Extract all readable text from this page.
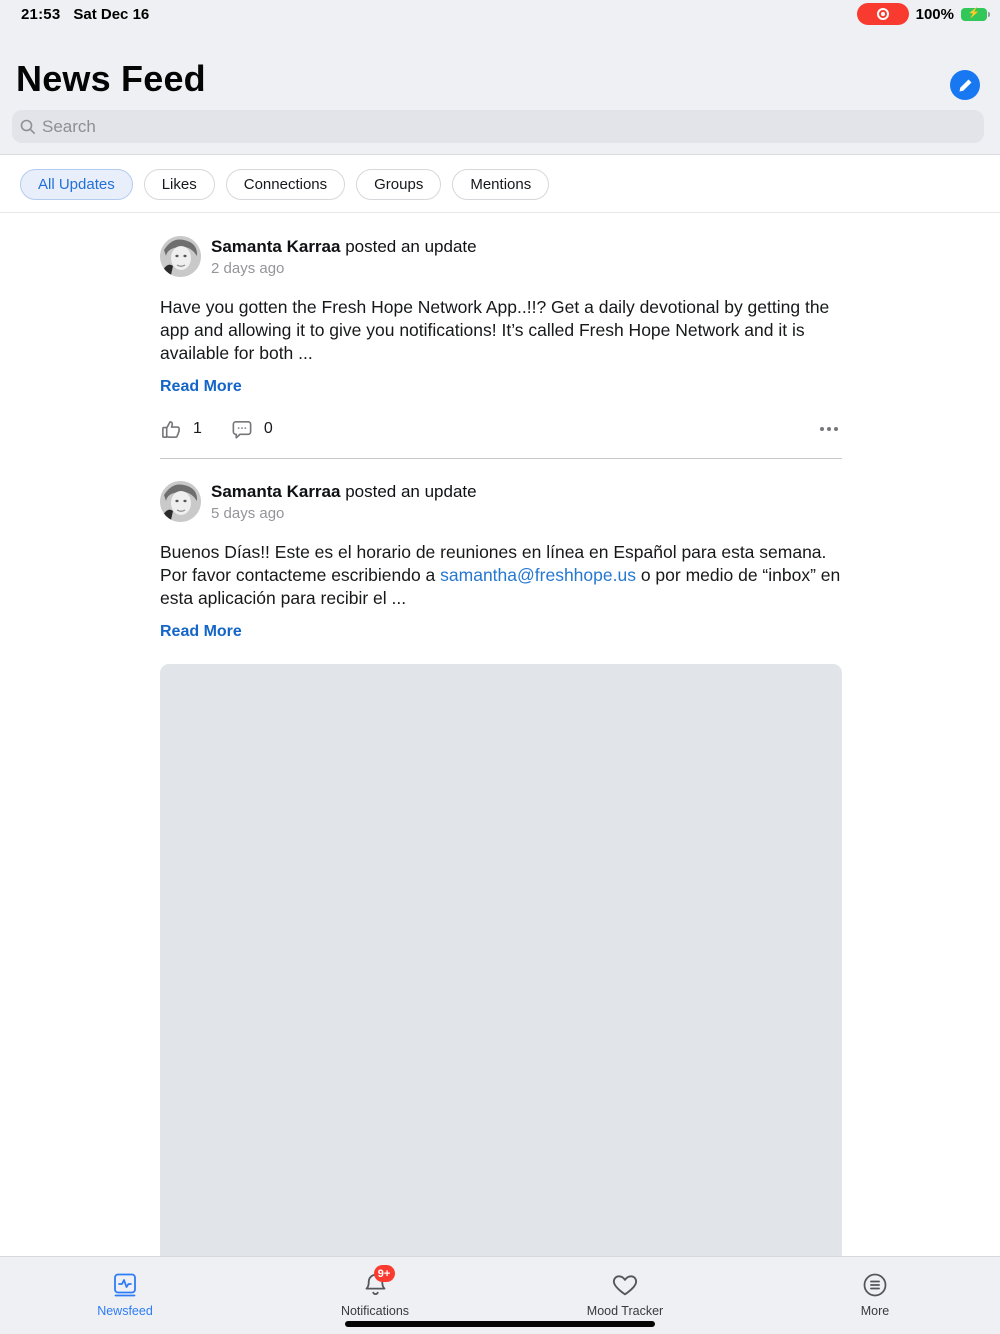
21:53 Sat Dec 16	100% ⚡
News Feed
Search
All Updates	Likes	Connections	Groups	Mentions
Samanta Karraa posted an update
2 days ago

Have you gotten the Fresh Hope Network App..!!? Get a daily devotional by getting the app and allowing it to give you notifications! It’s called Fresh Hope Network and it is available for both ...

Read More
1	0
Samanta Karraa posted an update
5 days ago

Buenos Días!! Este es el horario de reuniones en línea en Español para esta semana. Por favor contacteme escribiendo a samantha@freshhope.us o por medio de “inbox” en esta aplicación para recibir el ...

Read More
Newsfeed
9+
Notifications	Mood Tracker	More
